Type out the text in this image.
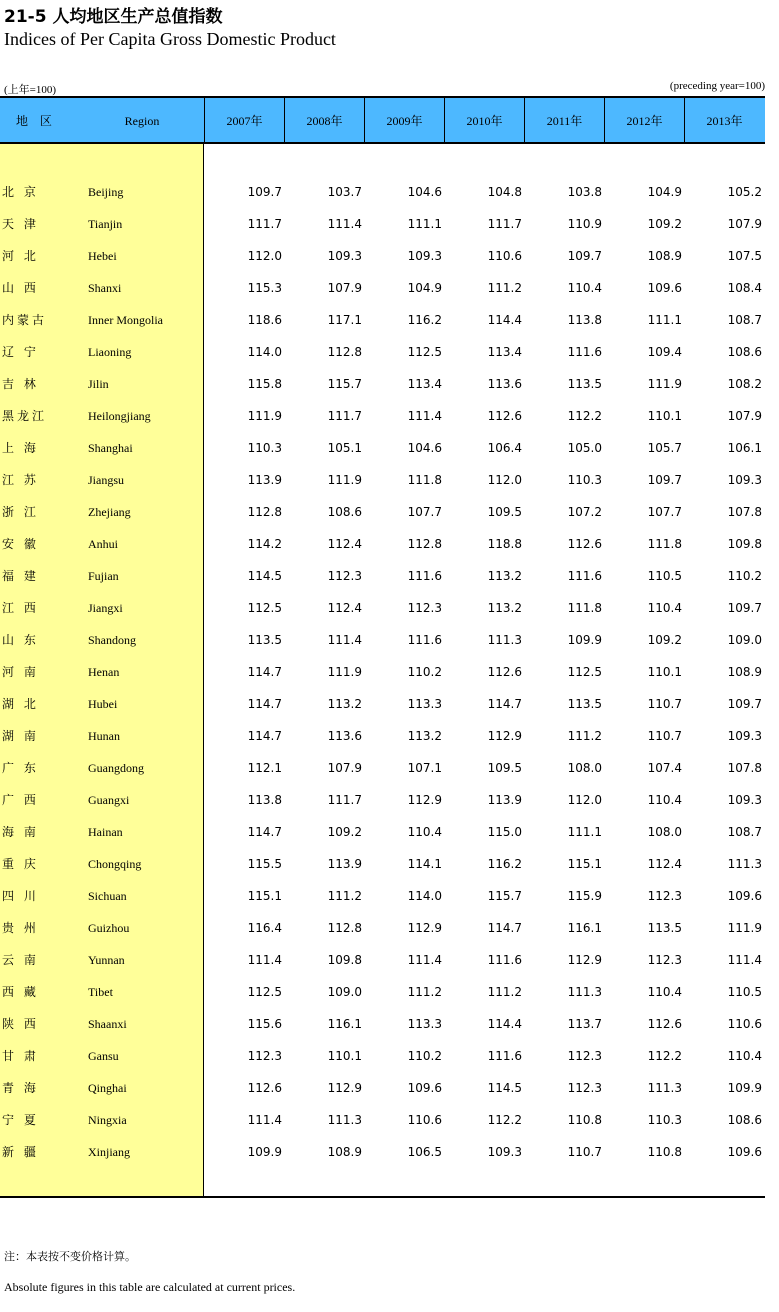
21-5 人均地区生产总值指数
Indices of Per Capita Gross Domestic Product
(上年=100)	(preceding year=100)
地 区	Region	2007年	2008年	2009年	2010年	2011年	2012年	2013年
北 京	Beijing	109.7	103.7	104.6	104.8	103.8	104.9	105.2
天 津	Tianjin	111.7	111.4	111.1	111.7	110.9	109.2	107.9
河 北	Hebei	112.0	109.3	109.3	110.6	109.7	108.9	107.5
山 西	Shanxi	115.3	107.9	104.9	111.2	110.4	109.6	108.4
内蒙古	Inner Mongolia	118.6	117.1	116.2	114.4	113.8	111.1	108.7
辽 宁	Liaoning	114.0	112.8	112.5	113.4	111.6	109.4	108.6
吉 林	Jilin	115.8	115.7	113.4	113.6	113.5	111.9	108.2
黑龙江	Heilongjiang	111.9	111.7	111.4	112.6	112.2	110.1	107.9
上 海	Shanghai	110.3	105.1	104.6	106.4	105.0	105.7	106.1
江 苏	Jiangsu	113.9	111.9	111.8	112.0	110.3	109.7	109.3
浙 江	Zhejiang	112.8	108.6	107.7	109.5	107.2	107.7	107.8
安 徽	Anhui	114.2	112.4	112.8	118.8	112.6	111.8	109.8
福 建	Fujian	114.5	112.3	111.6	113.2	111.6	110.5	110.2
江 西	Jiangxi	112.5	112.4	112.3	113.2	111.8	110.4	109.7
山 东	Shandong	113.5	111.4	111.6	111.3	109.9	109.2	109.0
河 南	Henan	114.7	111.9	110.2	112.6	112.5	110.1	108.9
湖 北	Hubei	114.7	113.2	113.3	114.7	113.5	110.7	109.7
湖 南	Hunan	114.7	113.6	113.2	112.9	111.2	110.7	109.3
广 东	Guangdong	112.1	107.9	107.1	109.5	108.0	107.4	107.8
广 西	Guangxi	113.8	111.7	112.9	113.9	112.0	110.4	109.3
海 南	Hainan	114.7	109.2	110.4	115.0	111.1	108.0	108.7
重 庆	Chongqing	115.5	113.9	114.1	116.2	115.1	112.4	111.3
四 川	Sichuan	115.1	111.2	114.0	115.7	115.9	112.3	109.6
贵 州	Guizhou	116.4	112.8	112.9	114.7	116.1	113.5	111.9
云 南	Yunnan	111.4	109.8	111.4	111.6	112.9	112.3	111.4
西 藏	Tibet	112.5	109.0	111.2	111.2	111.3	110.4	110.5
陕 西	Shaanxi	115.6	116.1	113.3	114.4	113.7	112.6	110.6
甘 肃	Gansu	112.3	110.1	110.2	111.6	112.3	112.2	110.4
青 海	Qinghai	112.6	112.9	109.6	114.5	112.3	111.3	109.9
宁 夏	Ningxia	111.4	111.3	110.6	112.2	110.8	110.3	108.6
新 疆	Xinjiang	109.9	108.9	106.5	109.3	110.7	110.8	109.6
注：本表按不变价格计算。
Absolute figures in this table are calculated at current prices.
